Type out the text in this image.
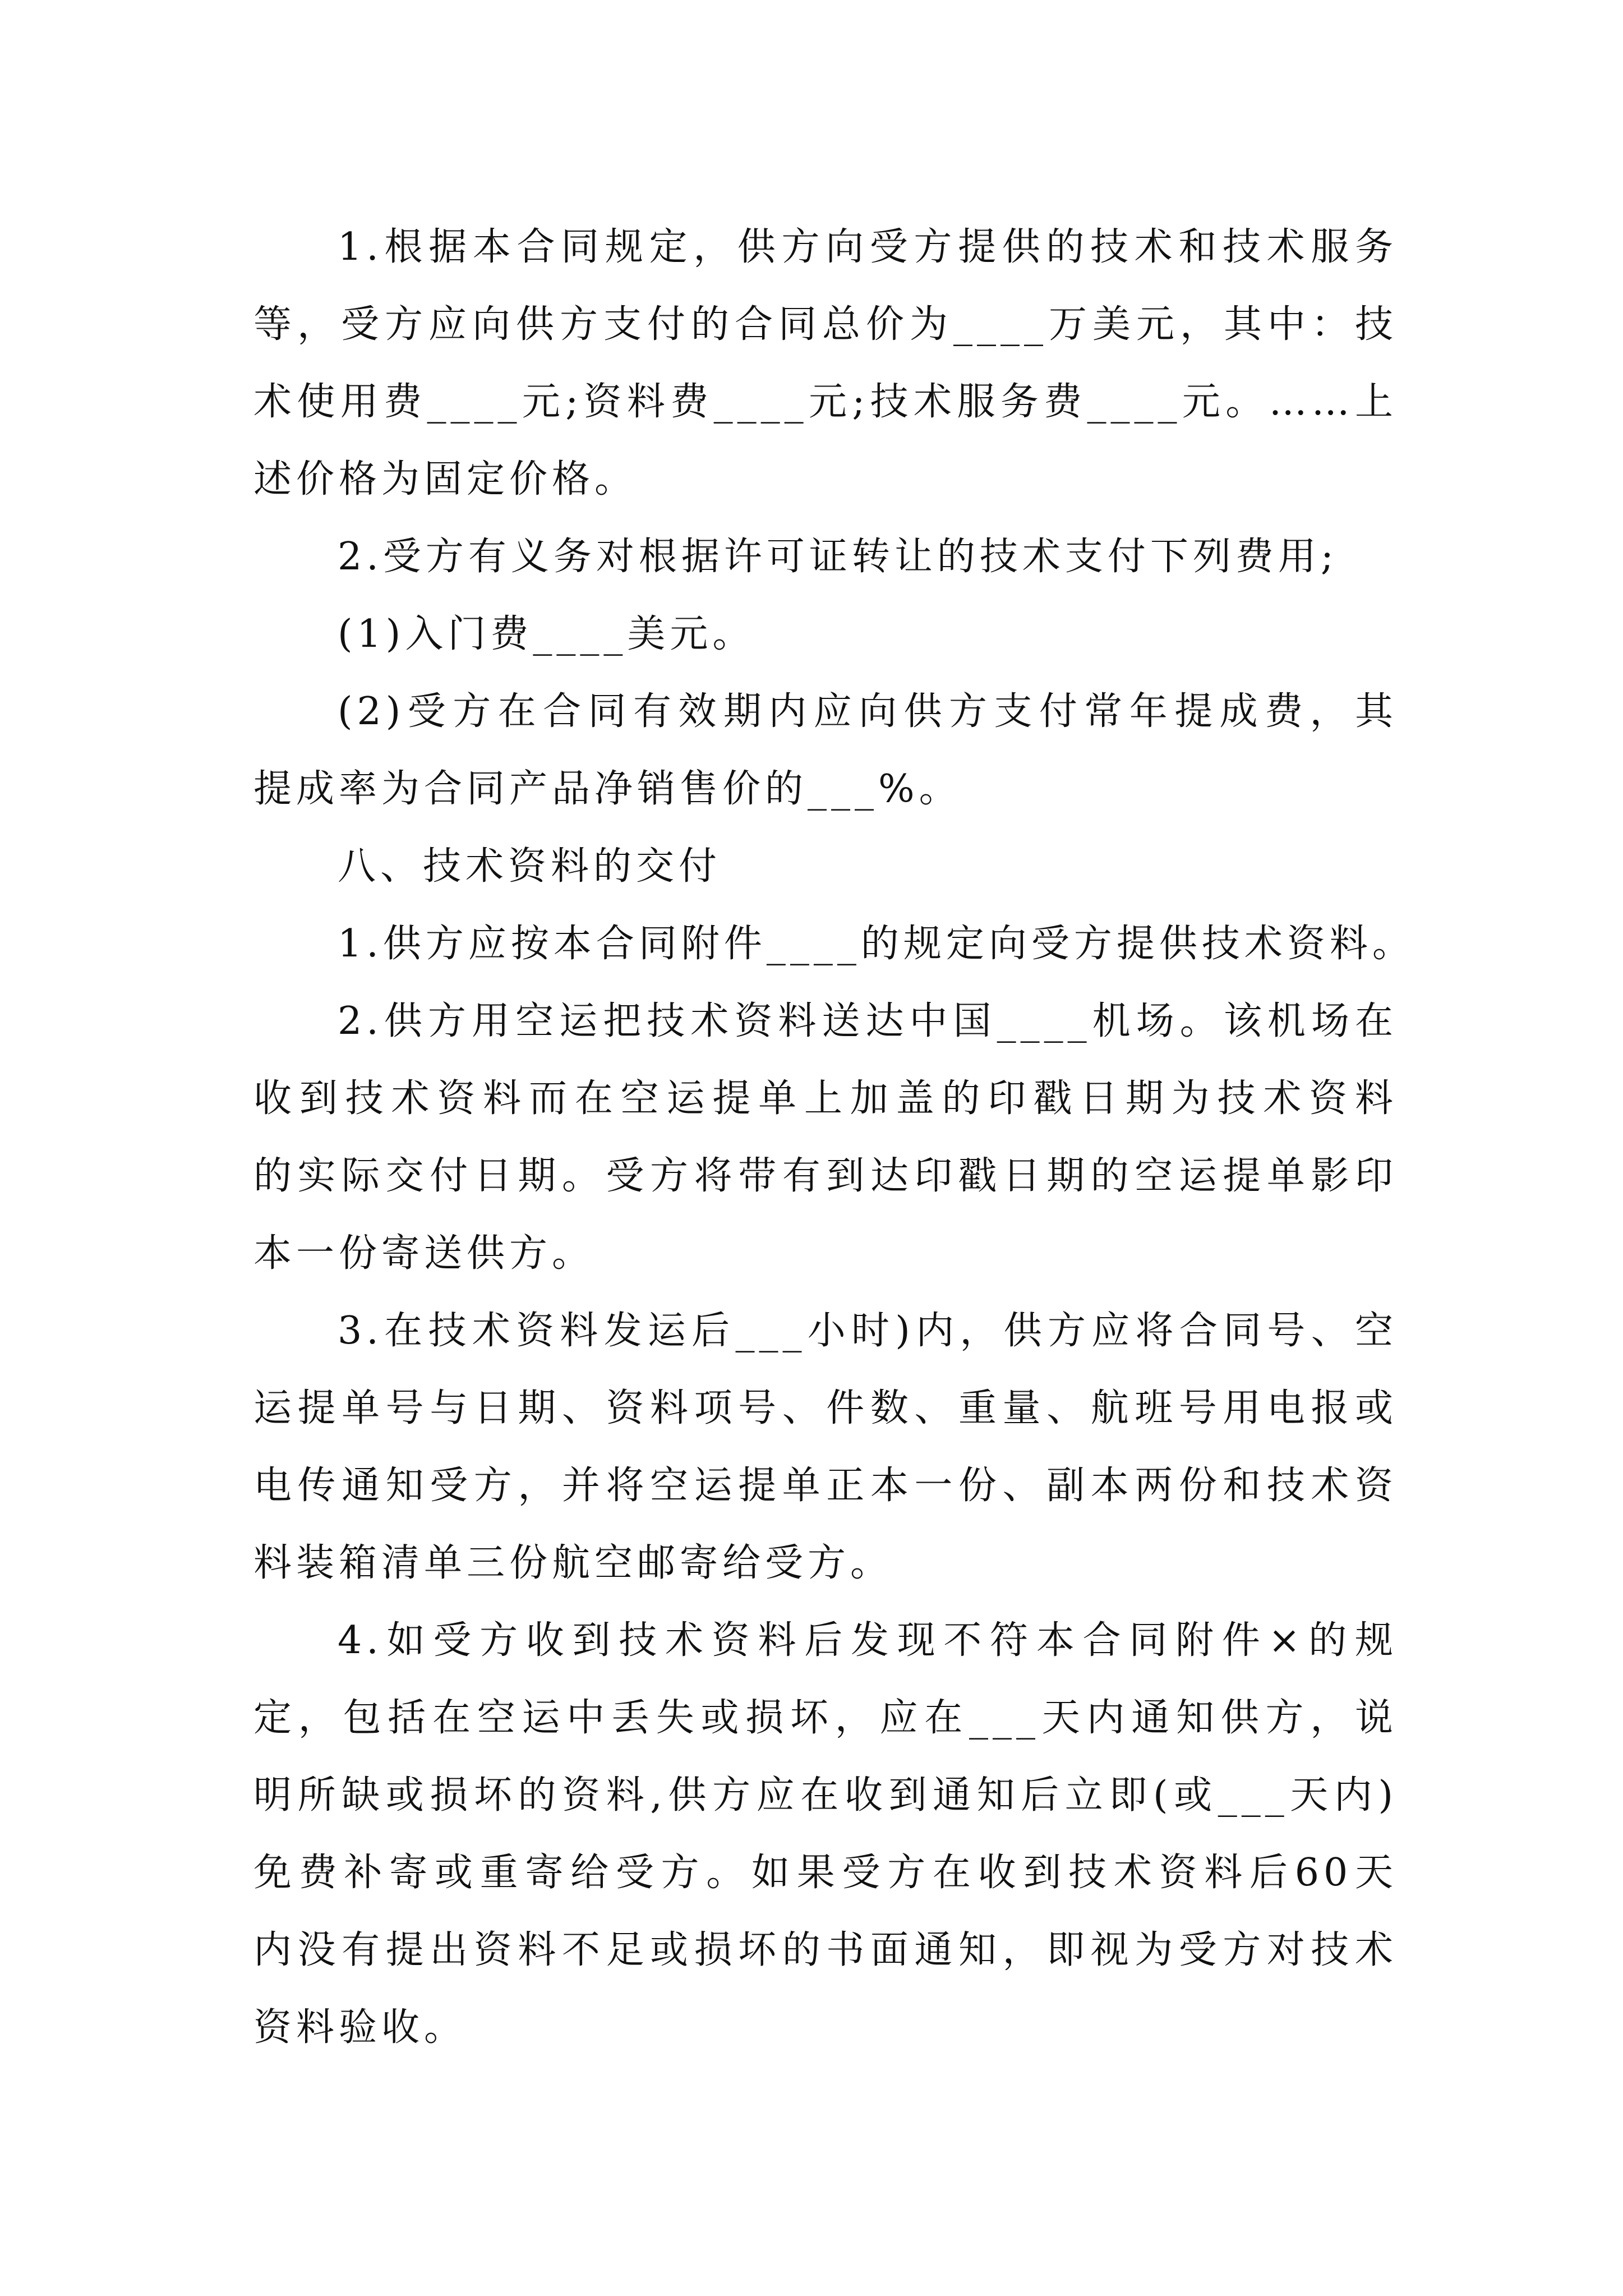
1.根据本合同规定，供方向受方提供的技术和技术服务
等，受方应向供方支付的合同总价为____万美元，其中：技
术使用费____元;资料费____元;技术服务费____元。……上
述价格为固定价格。
2.受方有义务对根据许可证转让的技术支付下列费用;
(1)入门费____美元。
(2)受方在合同有效期内应向供方支付常年提成费，其
提成率为合同产品净销售价的___%。
八、技术资料的交付
1.供方应按本合同附件____的规定向受方提供技术资料。
2.供方用空运把技术资料送达中国____机场。该机场在
收到技术资料而在空运提单上加盖的印戳日期为技术资料
的实际交付日期。受方将带有到达印戳日期的空运提单影印
本一份寄送供方。
3.在技术资料发运后___小时)内，供方应将合同号、空
运提单号与日期、资料项号、件数、重量、航班号用电报或
电传通知受方，并将空运提单正本一份、副本两份和技术资
料装箱清单三份航空邮寄给受方。
4.如受方收到技术资料后发现不符本合同附件×的规
定，包括在空运中丢失或损坏，应在___天内通知供方，说
明所缺或损坏的资料,供方应在收到通知后立即(或___天内)
免费补寄或重寄给受方。如果受方在收到技术资料后60天
内没有提出资料不足或损坏的书面通知，即视为受方对技术
资料验收。
